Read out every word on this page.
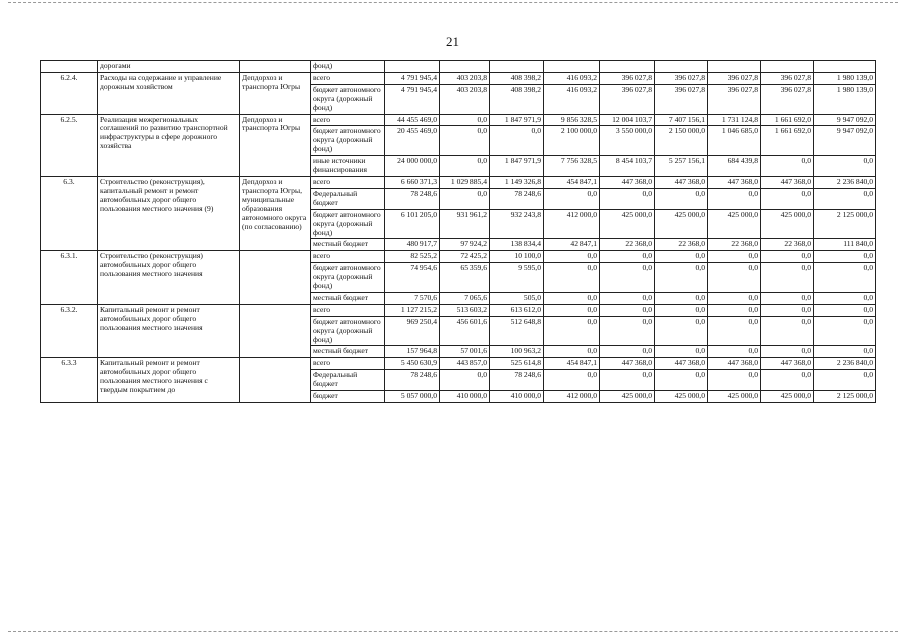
21
	дорогами		фонд)									
6.2.4.	Расходы на содержание и управление дорожным хозяйством	Депдорхоз и транспорта Югры	всего	4 791 945,4	403 203,8	408 398,2	416 093,2	396 027,8	396 027,8	396 027,8	396 027,8	1 980 139,0
			бюджет автономного округа (дорожный фонд)	4 791 945,4	403 203,8	408 398,2	416 093,2	396 027,8	396 027,8	396 027,8	396 027,8	1 980 139,0
6.2.5.	Реализация межрегиональных соглашений по развитию транспортной инфраструктуры в сфере дорожного хозяйства	Депдорхоз и транспорта Югры	всего	44 455 469,0	0,0	1 847 971,9	9 856 328,5	12 004 103,7	7 407 156,1	1 731 124,8	1 661 692,0	9 947 092,0
			бюджет автономного округа (дорожный фонд)	20 455 469,0	0,0	0,0	2 100 000,0	3 550 000,0	2 150 000,0	1 046 685,0	1 661 692,0	9 947 092,0
			иные источники финансирования	24 000 000,0	0,0	1 847 971,9	7 756 328,5	8 454 103,7	5 257 156,1	684 439,8	0,0	0,0
6.3.	Строительство (реконструкция), капитальный ремонт и ремонт автомобильных дорог общего пользования местного значения (9)	Депдорхоз и транспорта Югры, муниципальные образования автономного округа (по согласованию)	всего	6 660 371,3	1 029 885,4	1 149 326,8	454 847,1	447 368,0	447 368,0	447 368,0	447 368,0	2 236 840,0
			Федеральный бюджет	78 248,6	0,0	78 248,6	0,0	0,0	0,0	0,0	0,0	0,0
			бюджет автономного округа (дорожный фонд)	6 101 205,0	931 961,2	932 243,8	412 000,0	425 000,0	425 000,0	425 000,0	425 000,0	2 125 000,0
			местный бюджет	480 917,7	97 924,2	138 834,4	42 847,1	22 368,0	22 368,0	22 368,0	22 368,0	111 840,0
6.3.1.	Строительство (реконструкция) автомобильных дорог общего пользования местного значения		всего	82 525,2	72 425,2	10 100,0	0,0	0,0	0,0	0,0	0,0	0,0
			бюджет автономного округа (дорожный фонд)	74 954,6	65 359,6	9 595,0	0,0	0,0	0,0	0,0	0,0	0,0
			местный бюджет	7 570,6	7 065,6	505,0	0,0	0,0	0,0	0,0	0,0	0,0
6.3.2.	Капитальный ремонт и ремонт автомобильных дорог общего пользования местного значения		всего	1 127 215,2	513 603,2	613 612,0	0,0	0,0	0,0	0,0	0,0	0,0
			бюджет автономного округа (дорожный фонд)	969 250,4	456 601,6	512 648,8	0,0	0,0	0,0	0,0	0,0	0,0
			местный бюджет	157 964,8	57 001,6	100 963,2	0,0	0,0	0,0	0,0	0,0	0,0
6.3.3	Капитальный ремонт и ремонт автомобильных дорог общего пользования местного значения с твердым покрытием до		всего	5 450 630,9	443 857,0	525 614,8	454 847,1	447 368,0	447 368,0	447 368,0	447 368,0	2 236 840,0
			Федеральный бюджет	78 248,6	0,0	78 248,6	0,0	0,0	0,0	0,0	0,0	0,0
			бюджет	5 057 000,0	410 000,0	410 000,0	412 000,0	425 000,0	425 000,0	425 000,0	425 000,0	2 125 000,0
